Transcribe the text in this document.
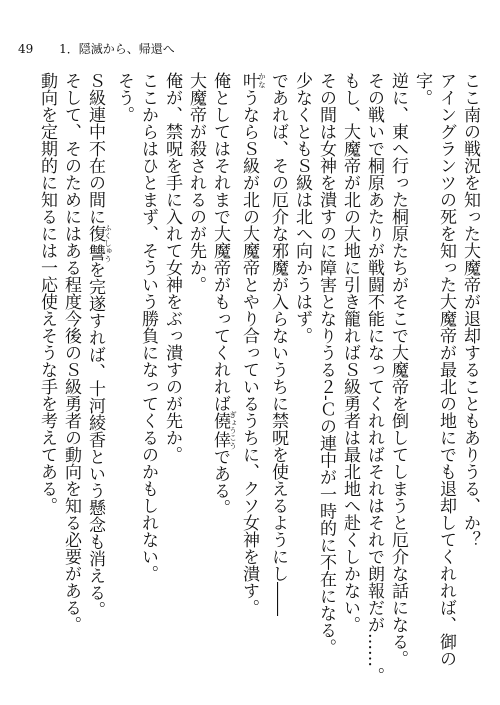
49 1．隠滅から、帰還へ

ここ南の戦況を知った大魔帝が退却することもありうる、か？

アイングランツの死を知った大魔帝が最北の地にでも退却してくれれば、御の字。

逆に、東へ行った桐原たちがそこで大魔帝を倒してしまうと厄介な話になる。

その戦いで桐原あたりが戦闘不能になってくれればそれはそれで朗報だが……。

もし、大魔帝が北の大地に引き籠ればＳ級勇者は最北地へ赴くしかない。

その間は女神を潰すのに障害となりうる２‐Ｃの連中が一時的に不在になる。

少なくともＳ級は北へ向かうはず。

であれば、その厄介な邪魔が入らないうちに禁呪を使えるようにし――

叶かなうならＳ級が北の大魔帝とやり合っているうちに、クソ女神を潰す。

俺としてはそれまで大魔帝がもってくれれば僥倖ぎょうこうである。

大魔帝が殺されるのが先か。

俺が、禁呪を手に入れて女神をぶっ潰すのが先か。

ここからはひとまず、そういう勝負になってくるのかもしれない。

そう。

Ｓ級連中不在の間に復讐ふくしゅうを完遂すれば、十河綾香という懸念も消える。

そして、そのためにはある程度今後のＳ級勇者の動向を知る必要がある。

動向を定期的に知るには一応使えそうな手を考えてある。
